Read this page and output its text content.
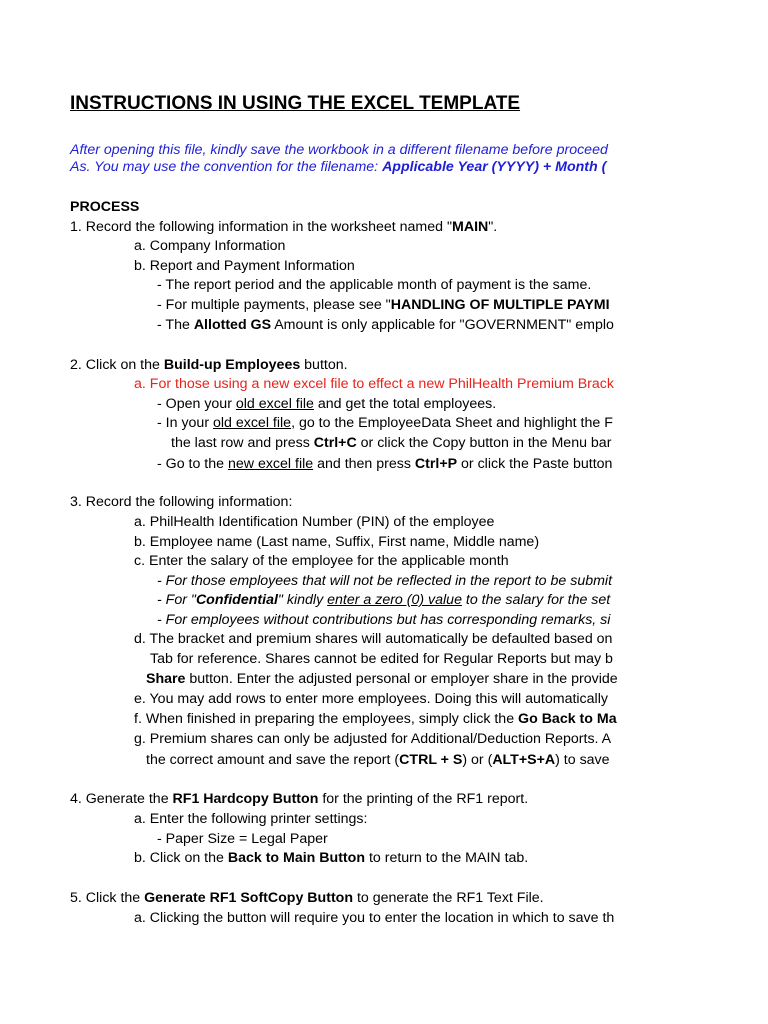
INSTRUCTIONS IN USING THE EXCEL TEMPLATE
After opening this file, kindly save the workbook in a different filename before proceed
As. You may use the convention for the filename: Applicable Year (YYYY) + Month (
PROCESS
1. Record the following information in the worksheet named "MAIN".
a. Company Information
b. Report and Payment Information
- The report period and the applicable month of payment is the same.
- For multiple payments, please see "HANDLING OF MULTIPLE PAYMI
- The Allotted GS Amount is only applicable for "GOVERNMENT" emplo
2. Click on the Build-up Employees button.
a. For those using a new excel file to effect a new PhilHealth Premium Brack
- Open your old excel file and get the total employees.
- In your old excel file, go to the EmployeeData Sheet and highlight the F
the last row and press Ctrl+C or click the Copy button in the Menu bar
- Go to the new excel file and then press Ctrl+P or click the Paste button
3. Record the following information:
a. PhilHealth Identification Number (PIN) of the employee
b. Employee name (Last name, Suffix, First name, Middle name)
c. Enter the salary of the employee for the applicable month
- For those employees that will not be reflected in the report to be submit
- For "Confidential" kindly enter a zero (0) value to the salary for the set
- For employees without contributions but has corresponding remarks, si
d. The bracket and premium shares will automatically be defaulted based on
Tab for reference. Shares cannot be edited for Regular Reports but may b
Share button. Enter the adjusted personal or employer share in the provide
e. You may add rows to enter more employees. Doing this will automatically
f. When finished in preparing the employees, simply click the Go Back to Ma
g. Premium shares can only be adjusted for Additional/Deduction Reports. A
the correct amount and save the report (CTRL + S) or (ALT+S+A) to save
4. Generate the RF1 Hardcopy Button for the printing of the RF1 report.
a. Enter the following printer settings:
- Paper Size = Legal Paper
b. Click on the Back to Main Button to return to the MAIN tab.
5. Click the Generate RF1 SoftCopy Button to generate the RF1 Text File.
a. Clicking the button will require you to enter the location in which to save th
